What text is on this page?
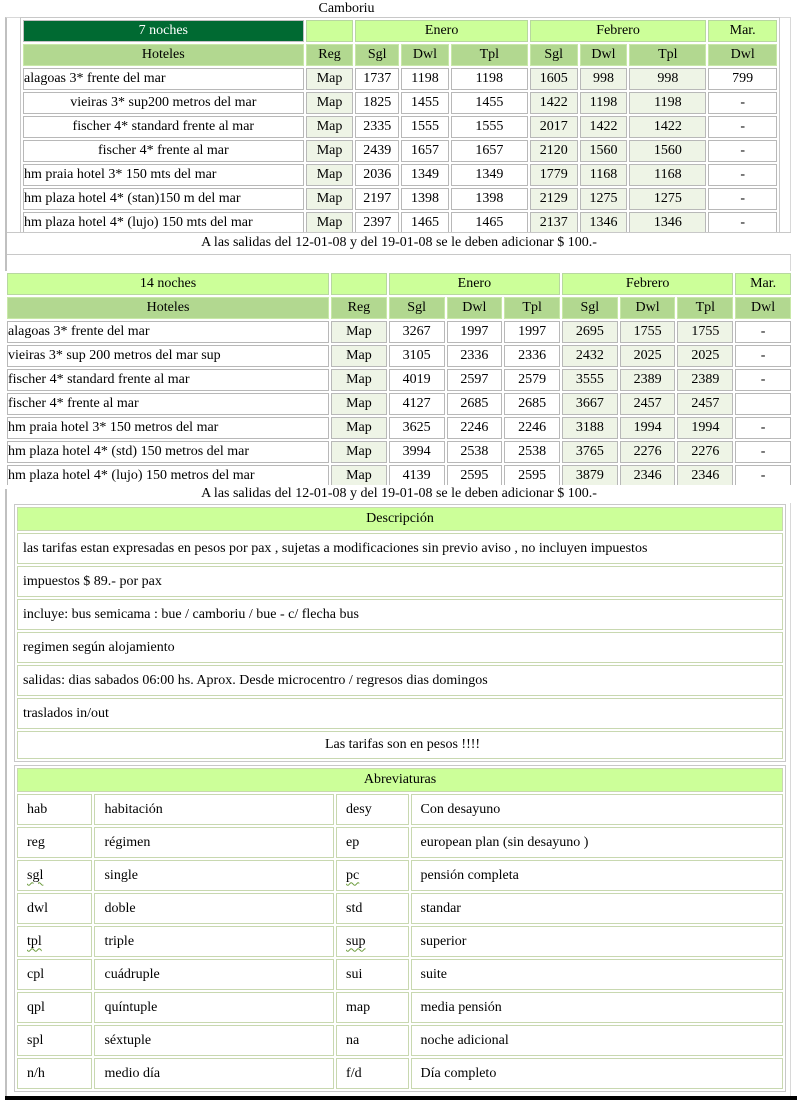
Camboriu
7 noches		Enero			Febrero			Mar.
Hoteles	Reg	Sgl	Dwl	Tpl	Sgl	Dwl	Tpl	Dwl
alagoas 3* frente del mar	Map	1737	1198	1198	1605	998	998	799
vieiras 3* sup200 metros del mar	Map	1825	1455	1455	1422	1198	1198	-
fischer 4* standard frente al mar	Map	2335	1555	1555	2017	1422	1422	-
fischer 4* frente al mar	Map	2439	1657	1657	2120	1560	1560	-
hm praia hotel 3* 150 mts del mar	Map	2036	1349	1349	1779	1168	1168	-
hm plaza hotel 4* (stan)150 m del mar	Map	2197	1398	1398	2129	1275	1275	-
hm plaza hotel 4* (lujo) 150 mts del mar	Map	2397	1465	1465	2137	1346	1346	-
A las salidas del 12-01-08 y del 19-01-08 se le deben adicionar $ 100.-
14 noches		Enero			Febrero			Mar.
Hoteles	Reg	Sgl	Dwl	Tpl	Sgl	Dwl	Tpl	Dwl
alagoas 3* frente del mar	Map	3267	1997	1997	2695	1755	1755	-
vieiras 3* sup 200 metros del mar sup	Map	3105	2336	2336	2432	2025	2025	-
fischer 4* standard frente al mar	Map	4019	2597	2579	3555	2389	2389	-
fischer 4* frente al mar	Map	4127	2685	2685	3667	2457	2457	
hm praia hotel 3* 150 metros del mar	Map	3625	2246	2246	3188	1994	1994	-
hm plaza hotel 4* (std) 150 metros del mar	Map	3994	2538	2538	3765	2276	2276	-
hm plaza hotel 4* (lujo) 150 metros del mar	Map	4139	2595	2595	3879	2346	2346	-
A las salidas del 12-01-08 y del 19-01-08 se le deben adicionar $ 100.-
Descripción
las tarifas estan expresadas en pesos por pax , sujetas a modificaciones sin previo aviso , no incluyen impuestos
impuestos $ 89.- por pax
incluye: bus semicama : bue / camboriu / bue - c/ flecha bus
regimen según alojamiento
salidas: dias sabados 06:00 hs. Aprox. Desde microcentro / regresos dias domingos
traslados in/out
Las tarifas son en pesos !!!!
Abreviaturas			
hab	habitación	desy	Con desayuno
reg	régimen	ep	european plan (sin desayuno )
sgl	single	pc	pensión completa
dwl	doble	std	standar
tpl	triple	sup	superior
cpl	cuádruple	sui	suite
qpl	quíntuple	map	media pensión
spl	séxtuple	na	noche adicional
n/h	medio día	f/d	Día completo
